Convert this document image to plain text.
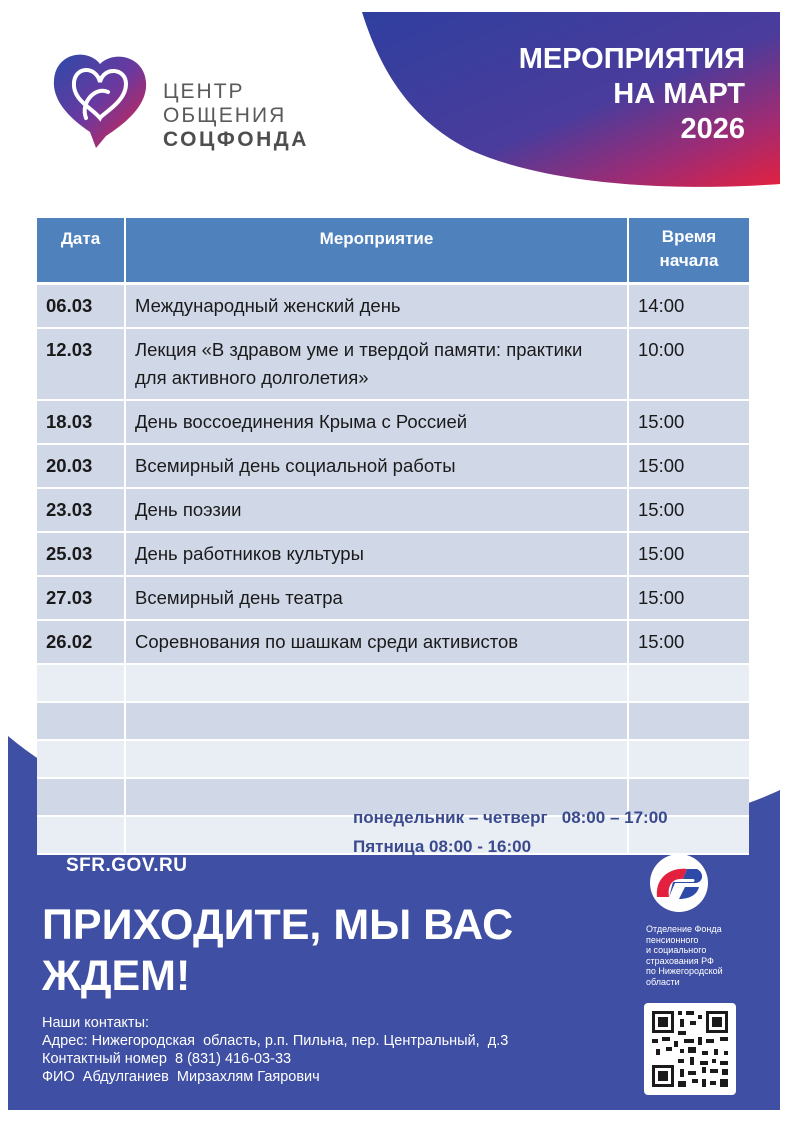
ЦЕНТР
ОБЩЕНИЯ
СОЦФОНДА
МЕРОПРИЯТИЯ
НА МАРТ
2026
Дата	Мероприятие	Время
начала

06.03	Международный женский день	14:00
12.03	Лекция «В здравом уме и твердой памяти: практики для активного долголетия»	10:00
18.03	День воссоединения Крыма с Россией	15:00
20.03	Всемирный день социальной работы	15:00
23.03	День поэзии	15:00
25.03	День работников культуры	15:00
27.03	Всемирный день театра	15:00
26.02	Соревнования по шашкам среди активистов	15:00

понедельник – четверг   08:00 – 17:00
Пятница 08:00 - 16:00
SFR.GOV.RU
ПРИХОДИТЕ, МЫ ВАС
ЖДЕМ!
Наши контакты:
Адрес: Нижегородская  область, р.п. Пильна, пер. Центральный,  д.3
Контактный номер  8 (831) 416-03-33
ФИО  Абдулганиев  Мирзахлям Гаярович
Отделение Фонда
пенсионного
и социального
страхования РФ
по Нижегородской
области
